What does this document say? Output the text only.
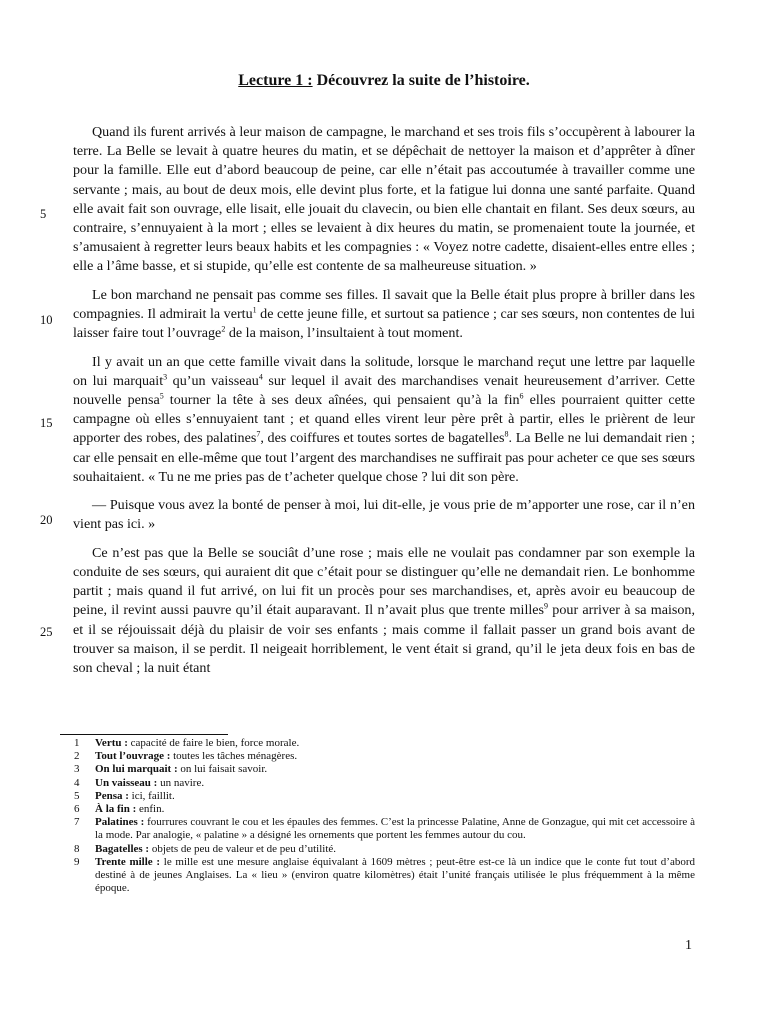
Lecture 1 : Découvrez la suite de l’histoire.

Quand ils furent arrivés à leur maison de campagne, le marchand et ses trois fils s’occupèrent à labourer la terre. La Belle se levait à quatre heures du matin, et se dépêchait de nettoyer la maison et d’apprêter à dîner pour la famille. Elle eut d’abord beaucoup de peine, car elle n’était pas accoutumée à travailler comme une servante ; mais, au bout de deux mois, elle devint plus forte, et la fatigue lui donna une santé parfaite. Quand elle avait fait son ouvrage, elle lisait, elle jouait du clavecin, ou bien elle chantait en filant. Ses deux sœurs, au contraire, s’ennuyaient à la mort ; elles se levaient à dix heures du matin, se promenaient toute la journée, et s’amusaient à regretter leurs beaux habits et les compagnies : « Voyez notre cadette, disaient-elles entre elles ; elle a l’âme basse, et si stupide, qu’elle est contente de sa malheureuse situation. »

Le bon marchand ne pensait pas comme ses filles. Il savait que la Belle était plus propre à briller dans les compagnies. Il admirait la vertu$^1$ de cette jeune fille, et surtout sa patience ; car ses sœurs, non contentes de lui laisser faire tout l’ouvrage$^2$ de la maison, l’insultaient à tout moment.

Il y avait un an que cette famille vivait dans la solitude, lorsque le marchand reçut une lettre par laquelle on lui marquait$^3$ qu’un vaisseau$^4$ sur lequel il avait des marchandises venait heureusement d’arriver. Cette nouvelle pensa$^5$ tourner la tête à ses deux aînées, qui pensaient qu’à la fin$^6$ elles pourraient quitter cette campagne où elles s’ennuyaient tant ; et quand elles virent leur père prêt à partir, elles le prièrent de leur apporter des robes, des palatines$^7$, des coiffures et toutes sortes de bagatelles$^8$. La Belle ne lui demandait rien ; car elle pensait en elle-même que tout l’argent des marchandises ne suffirait pas pour acheter ce que ses sœurs souhaitaient. « Tu ne me pries pas de t’acheter quelque chose ? lui dit son père.

— Puisque vous avez la bonté de penser à moi, lui dit-elle, je vous prie de m’apporter une rose, car il n’en vient pas ici. »

Ce n’est pas que la Belle se souciât d’une rose ; mais elle ne voulait pas condamner par son exemple la conduite de ses sœurs, qui auraient dit que c’était pour se distinguer qu’elle ne demandait rien. Le bonhomme partit ; mais quand il fut arrivé, on lui fit un procès pour ses marchandises, et, après avoir eu beaucoup de peine, il revint aussi pauvre qu’il était auparavant. Il n’avait plus que trente milles$^9$ pour arriver à sa maison, et il se réjouissait déjà du plaisir de voir ses enfants ; mais comme il fallait passer un grand bois avant de trouver sa maison, il se perdit. Il neigeait horriblement, le vent était si grand, qu’il le jeta deux fois en bas de son cheval ; la nuit étant

5
10
15
20
25
1 Vertu : capacité de faire le bien, force morale.
2 Tout l’ouvrage : toutes les tâches ménagères.
3 On lui marquait : on lui faisait savoir.
4 Un vaisseau : un navire.
5 Pensa : ici, faillit.
6 À la fin : enfin.
7 Palatines : fourrures couvrant le cou et les épaules des femmes. C’est la princesse Palatine, Anne de Gonzague, qui mit cet accessoire à la mode. Par analogie, « palatine » a désigné les ornements que portent les femmes autour du cou.
8 Bagatelles : objets de peu de valeur et de peu d’utilité.
9 Trente mille : le mille est une mesure anglaise équivalant à 1609 mètres ; peut-être est-ce là un indice que le conte fut tout d’abord destiné à de jeunes Anglaises. La « lieu » (environ quatre kilomètres) était l’unité français utilisée le plus fréquemment à la même époque.
1
